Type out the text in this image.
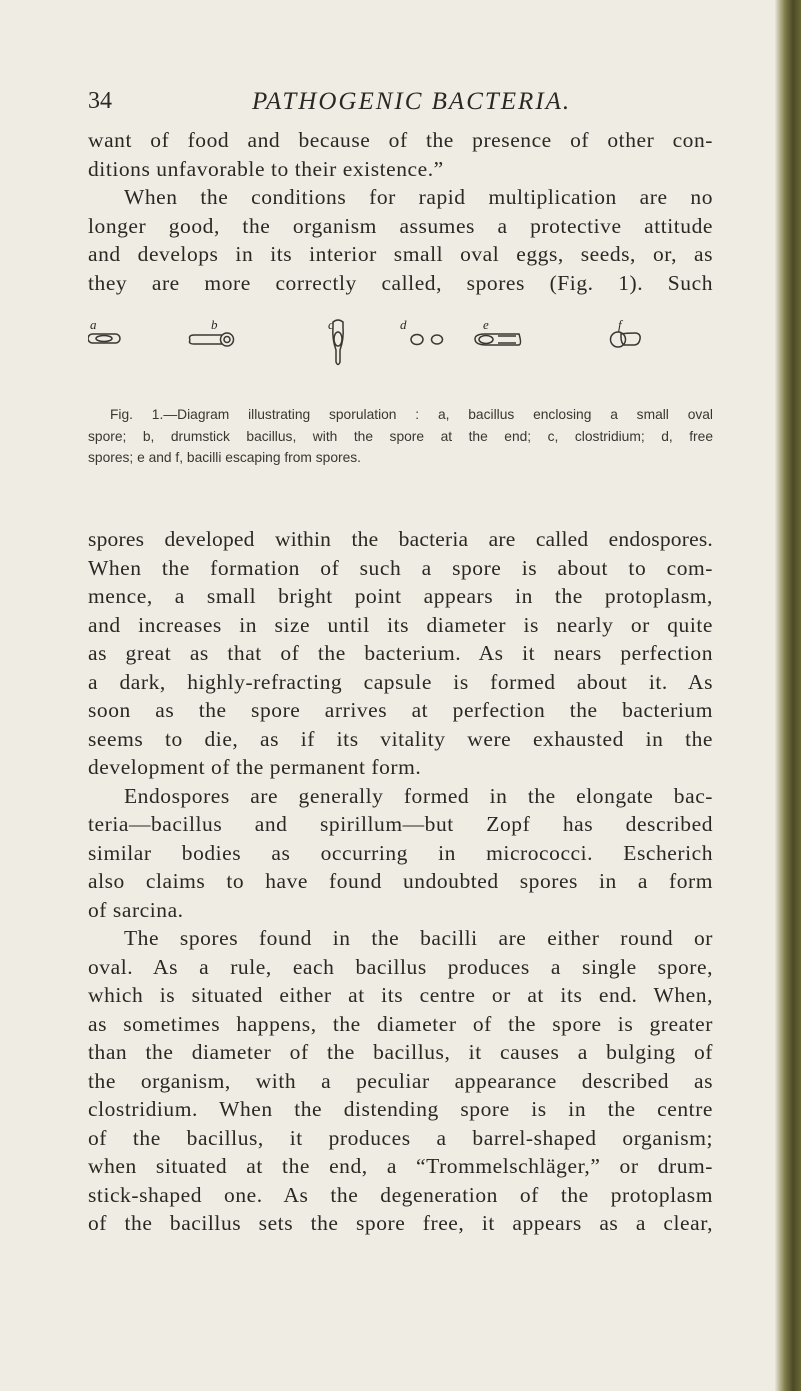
34	PATHOGENIC BACTERIA.
want of food and because of the presence of other con-
ditions unfavorable to their existence.”
When the conditions for rapid multiplication are no
longer good, the organism assumes a protective attitude
and develops in its interior small oval eggs, seeds, or, as
they are more correctly called, spores (Fig. 1). Such
a	b	c	d	e	f
Fig. 1.—Diagram illustrating sporulation : a, bacillus enclosing a small oval
spore; b, drumstick bacillus, with the spore at the end; c, clostridium; d, free
spores; e and f, bacilli escaping from spores.
spores developed within the bacteria are called endospores.
When the formation of such a spore is about to com-
mence, a small bright point appears in the protoplasm,
and increases in size until its diameter is nearly or quite
as great as that of the bacterium. As it nears perfection
a dark, highly-refracting capsule is formed about it. As
soon as the spore arrives at perfection the bacterium
seems to die, as if its vitality were exhausted in the
development of the permanent form.
Endospores are generally formed in the elongate bac-
teria—bacillus and spirillum—but Zopf has described
similar bodies as occurring in micrococci. Escherich
also claims to have found undoubted spores in a form
of sarcina.
The spores found in the bacilli are either round or
oval. As a rule, each bacillus produces a single spore,
which is situated either at its centre or at its end. When,
as sometimes happens, the diameter of the spore is greater
than the diameter of the bacillus, it causes a bulging of
the organism, with a peculiar appearance described as
clostridium. When the distending spore is in the centre
of the bacillus, it produces a barrel-shaped organism;
when situated at the end, a “Trommelschläger,” or drum-
stick-shaped one. As the degeneration of the protoplasm
of the bacillus sets the spore free, it appears as a clear,
